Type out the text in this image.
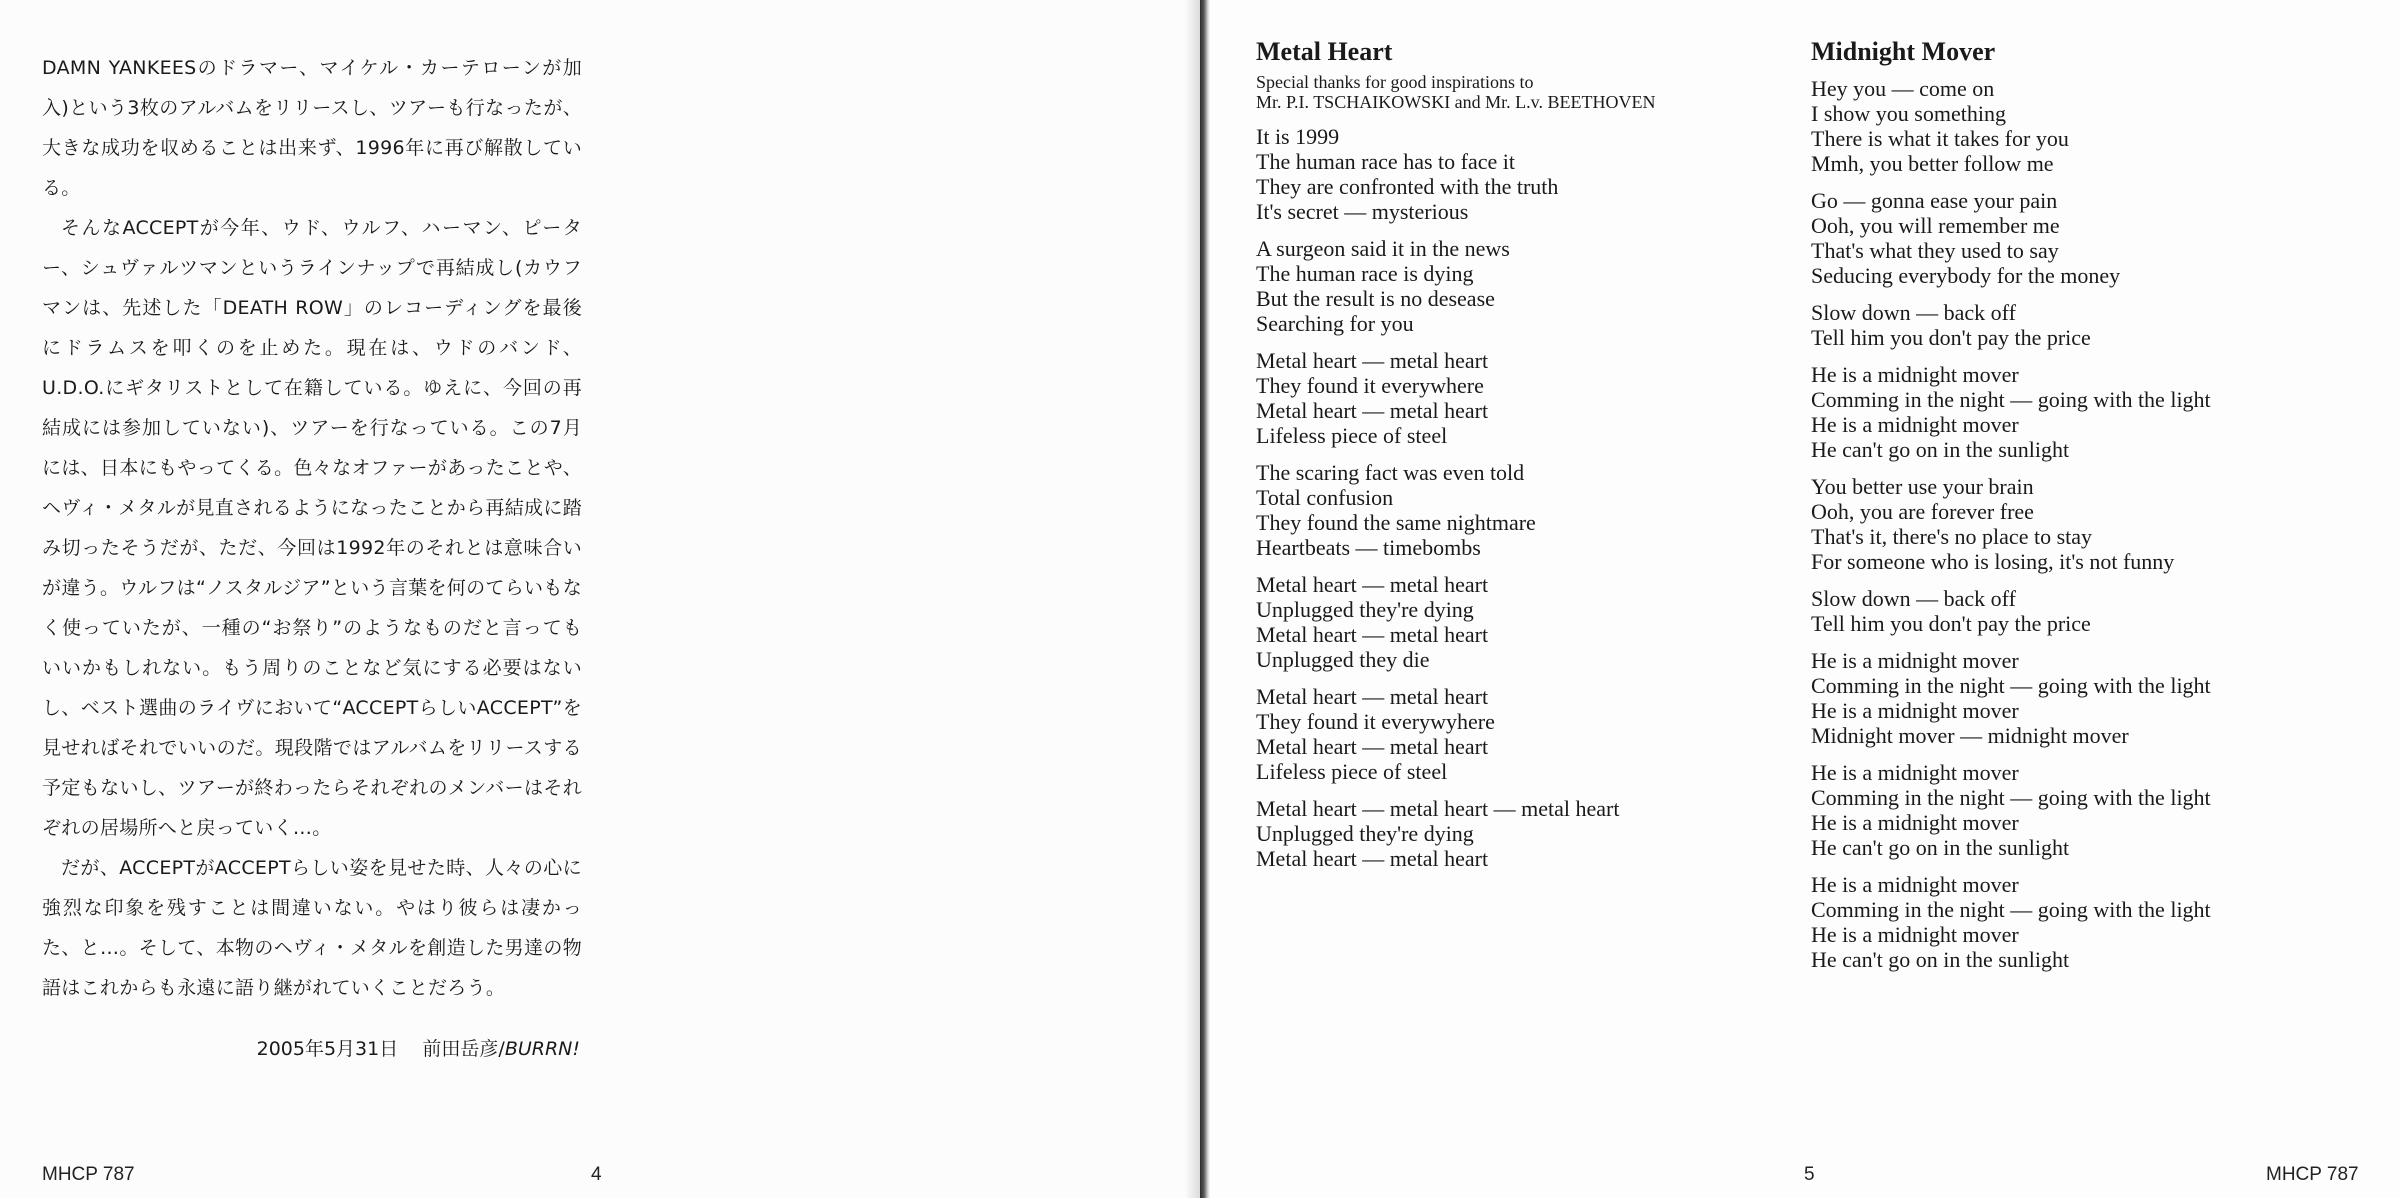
DAMN YANKEESのドラマー、マイケル・カーテローンが加入)という3枚のアルバムをリリースし、ツアーも行なったが、大きな成功を収めることは出来ず、1996年に再び解散している。

そんなACCEPTが今年、ウド、ウルフ、ハーマン、ピーター、シュヴァルツマンというラインナップで再結成し(カウフマンは、先述した「DEATH ROW」のレコーディングを最後にドラムスを叩くのを止めた。現在は、ウドのバンド、U.D.O.にギタリストとして在籍している。ゆえに、今回の再結成には参加していない)、ツアーを行なっている。この7月には、日本にもやってくる。色々なオファーがあったことや、ヘヴィ・メタルが見直されるようになったことから再結成に踏み切ったそうだが、ただ、今回は1992年のそれとは意味合いが違う。ウルフは“ノスタルジア”という言葉を何のてらいもなく使っていたが、一種の“お祭り”のようなものだと言ってもいいかもしれない。もう周りのことなど気にする必要はないし、ベスト選曲のライヴにおいて“ACCEPTらしいACCEPT”を見せればそれでいいのだ。現段階ではアルバムをリリースする予定もないし、ツアーが終わったらそれぞれのメンバーはそれぞれの居場所へと戻っていく…。

だが、ACCEPTがACCEPTらしい姿を見せた時、人々の心に強烈な印象を残すことは間違いない。やはり彼らは凄かった、と…。そして、本物のヘヴィ・メタルを創造した男達の物語はこれからも永遠に語り継がれていくことだろう。

2005年5月31日 前田岳彦/BURRN!
MHCP 787	4	5	MHCP 787
Metal Heart
Special thanks for good inspirations to
Mr. P.I. TSCHAIKOWSKI and Mr. L.v. BEETHOVEN
It is 1999
The human race has to face it
They are confronted with the truth
It's secret — mysterious
A surgeon said it in the news
The human race is dying
But the result is no desease
Searching for you
Metal heart — metal heart
They found it everywhere
Metal heart — metal heart
Lifeless piece of steel
The scaring fact was even told
Total confusion
They found the same nightmare
Heartbeats — timebombs
Metal heart — metal heart
Unplugged they're dying
Metal heart — metal heart
Unplugged they die
Metal heart — metal heart
They found it everywyhere
Metal heart — metal heart
Lifeless piece of steel
Metal heart — metal heart — metal heart
Unplugged they're dying
Metal heart — metal heart
Midnight Mover
Hey you — come on
I show you something
There is what it takes for you
Mmh, you better follow me
Go — gonna ease your pain
Ooh, you will remember me
That's what they used to say
Seducing everybody for the money
Slow down — back off
Tell him you don't pay the price
He is a midnight mover
Comming in the night — going with the light
He is a midnight mover
He can't go on in the sunlight
You better use your brain
Ooh, you are forever free
That's it, there's no place to stay
For someone who is losing, it's not funny
Slow down — back off
Tell him you don't pay the price
He is a midnight mover
Comming in the night — going with the light
He is a midnight mover
Midnight mover — midnight mover
He is a midnight mover
Comming in the night — going with the light
He is a midnight mover
He can't go on in the sunlight
He is a midnight mover
Comming in the night — going with the light
He is a midnight mover
He can't go on in the sunlight
